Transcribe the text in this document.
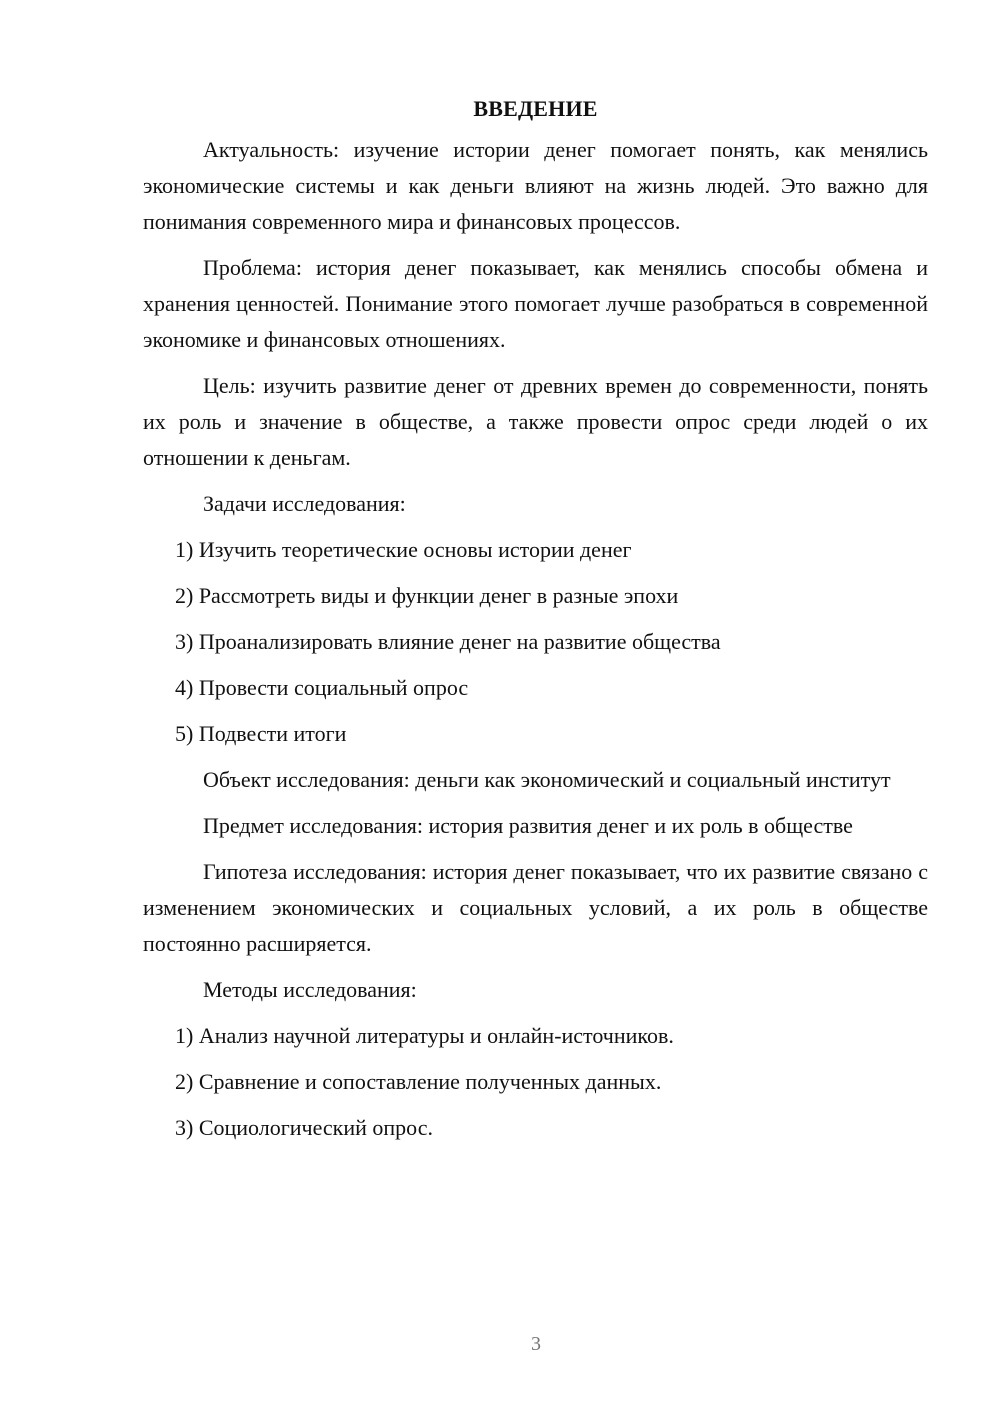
ВВЕДЕНИЕ

Актуальность: изучение истории денег помогает понять, как менялись экономические системы и как деньги влияют на жизнь людей. Это важно для понимания современного мира и финансовых процессов.

Проблема: история денег показывает, как менялись способы обмена и хранения ценностей. Понимание этого помогает лучше разобраться в современной экономике и финансовых отношениях.

Цель: изучить развитие денег от древних времен до современности, понять их роль и значение в обществе, а также провести опрос среди людей о их отношении к деньгам.

Задачи исследования:
1) Изучить теоретические основы истории денег
2) Рассмотреть виды и функции денег в разные эпохи
3) Проанализировать влияние денег на развитие общества
4) Провести социальный опрос
5) Подвести итоги

Объект исследования: деньги как экономический и социальный институт

Предмет исследования: история развития денег и их роль в обществе

Гипотеза исследования: история денег показывает, что их развитие связано с изменением экономических и социальных условий, а их роль в обществе постоянно расширяется.

Методы исследования:
1) Анализ научной литературы и онлайн-источников.
2) Сравнение и сопоставление полученных данных.
3) Социологический опрос.
3
